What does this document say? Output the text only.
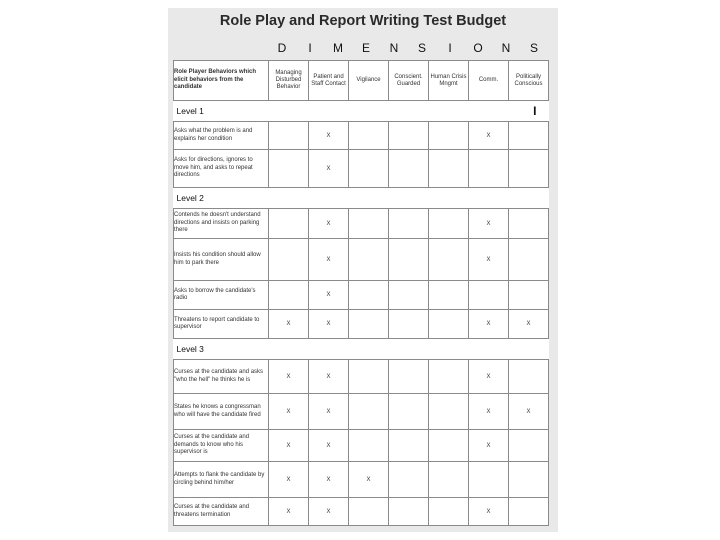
Role Play and Report Writing Test Budget
D	I	M	E	N	S	I	O	N	S
Role Player Behaviors which elicit behaviors from the candidate	Managing Disturbed Behavior	Patient and Staff Contact	Vigilance	Conscient. Guarded	Human Crisis Mngmt	Comm.	Politically Conscious
Level 1							I
Asks what the problem is and explains her condition		X				X	
Asks for directions, ignores to move him, and asks to repeat directions		X					
Level 2							
Contends he doesn't understand directions and insists on parking there		X				X	
Insists his condition should allow him to park there		X				X	
Asks to borrow the candidate's radio		X					
Threatens to report candidate to supervisor	X	X				X	X
Level 3							
Curses at the candidate and asks "who the hell" he thinks he is	X	X				X	
States he knows a congressman who will have the candidate fired	X	X				X	X
Curses at the candidate and demands to know who his supervisor is	X	X				X	
Attempts to flank the candidate by circling behind him/her	X	X	X				
Curses at the candidate and threatens termination	X	X				X	
